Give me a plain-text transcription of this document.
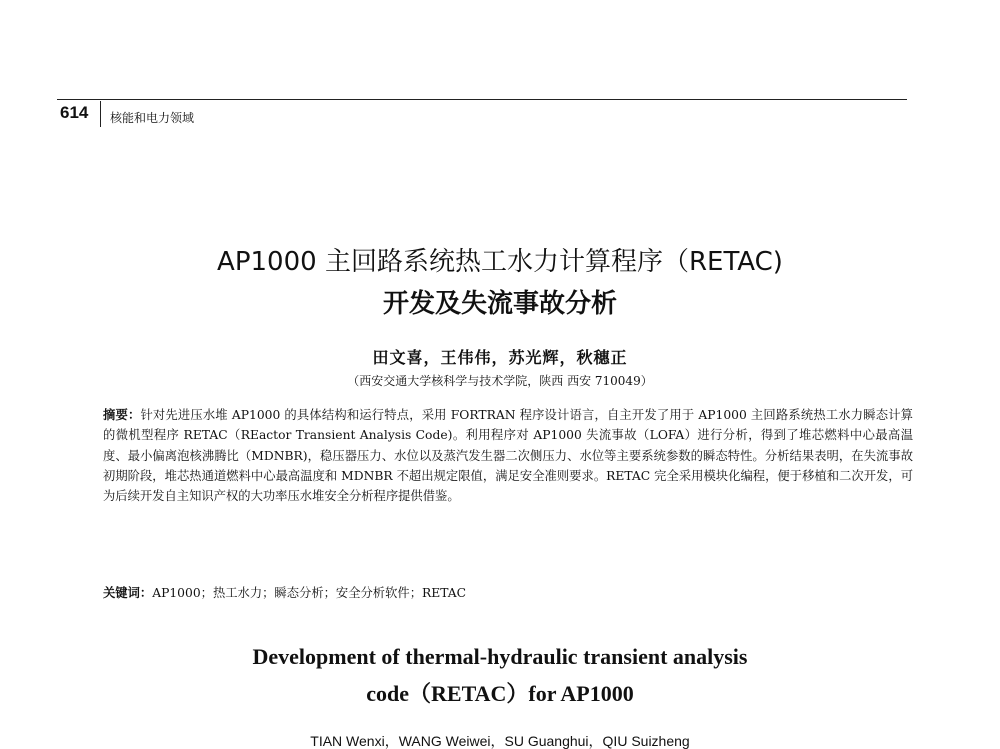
614 核能和电力领域
AP1000 主回路系统热工水力计算程序（RETAC)
开发及失流事故分析
田文喜，王伟伟，苏光辉，秋穗正
（西安交通大学核科学与技术学院，陕西 西安 710049）
摘要：针对先进压水堆 AP1000 的具体结构和运行特点，采用 FORTRAN 程序设计语言，自主开发了用于 AP1000 主回路系统热工水力瞬态计算的微机型程序 RETAC（REactor Transient Analysis Code)。利用程序对 AP1000 失流事故（LOFA）进行分析，得到了堆芯燃料中心最高温度、最小偏离泡核沸腾比（MDNBR)，稳压器压力、水位以及蒸汽发生器二次侧压力、水位等主要系统参数的瞬态特性。分析结果表明，在失流事故初期阶段，堆芯热通道燃料中心最高温度和 MDNBR 不超出规定限值，满足安全准则要求。RETAC 完全采用模块化编程，便于移植和二次开发，可为后续开发自主知识产权的大功率压水堆安全分析程序提供借鉴。
关键词：AP1000；热工水力；瞬态分析；安全分析软件；RETAC
Development of thermal-hydraulic transient analysis
code（RETAC）for AP1000
TIAN Wenxi，WANG Weiwei，SU Guanghui，QIU Suizheng
